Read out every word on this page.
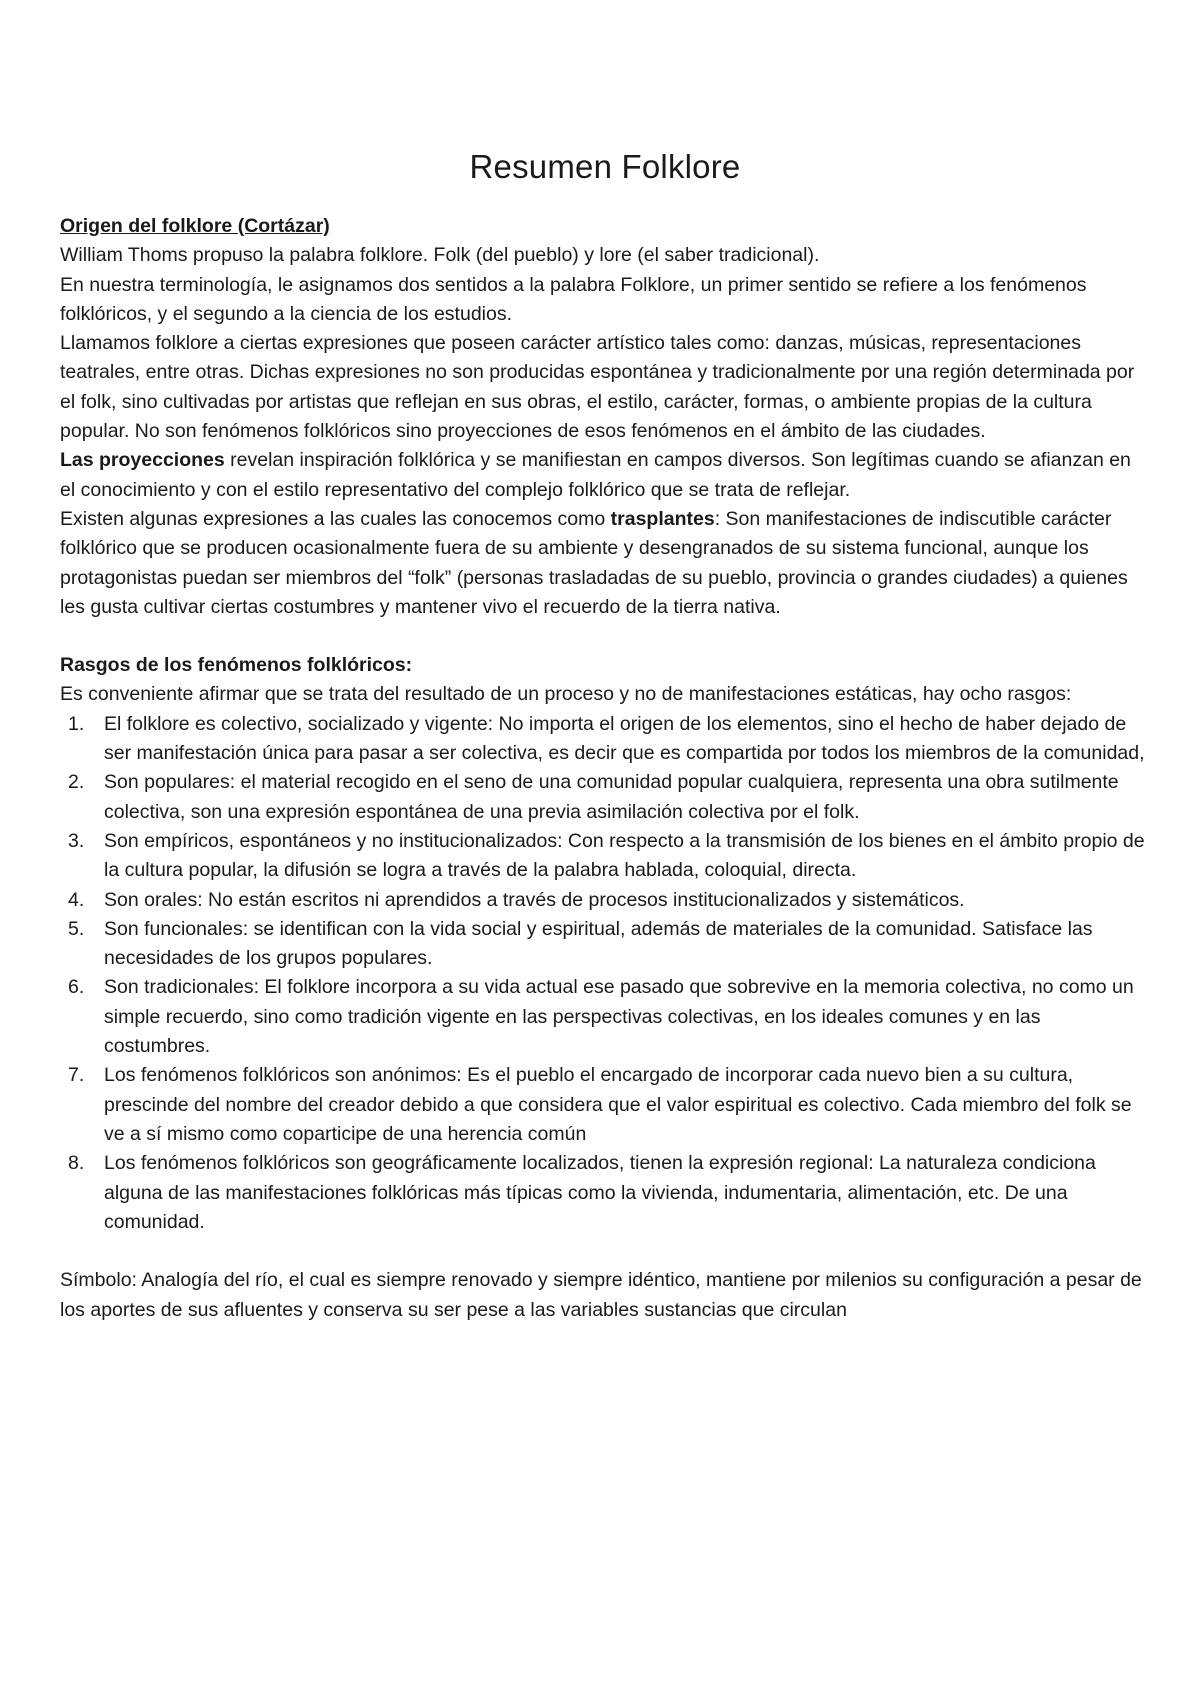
Resumen Folklore
Origen del folklore (Cortázar)

William Thoms propuso la palabra folklore. Folk (del pueblo) y lore (el saber tradicional).

En nuestra terminología, le asignamos dos sentidos a la palabra Folklore, un primer sentido se refiere a los fenómenos folklóricos, y el segundo a la ciencia de los estudios.

Llamamos folklore a ciertas expresiones que poseen carácter artístico tales como: danzas, músicas, representaciones teatrales, entre otras. Dichas expresiones no son producidas espontánea y tradicionalmente por una región determinada por el folk, sino cultivadas por artistas que reflejan en sus obras, el estilo, carácter, formas, o ambiente propias de la cultura popular. No son fenómenos folklóricos sino proyecciones de esos fenómenos en el ámbito de las ciudades.

Las proyecciones revelan inspiración folklórica y se manifiestan en campos diversos. Son legítimas cuando se afianzan en el conocimiento y con el estilo representativo del complejo folklórico que se trata de reflejar.

Existen algunas expresiones a las cuales las conocemos como trasplantes: Son manifestaciones de indiscutible carácter folklórico que se producen ocasionalmente fuera de su ambiente y desengranados de su sistema funcional, aunque los protagonistas puedan ser miembros del “folk” (personas trasladadas de su pueblo, provincia o grandes ciudades) a quienes les gusta cultivar ciertas costumbres y mantener vivo el recuerdo de la tierra nativa.

Rasgos de los fenómenos folklóricos:

Es conveniente afirmar que se trata del resultado de un proceso y no de manifestaciones estáticas, hay ocho rasgos:

1. El folklore es colectivo, socializado y vigente: No importa el origen de los elementos, sino el hecho de haber dejado de ser manifestación única para pasar a ser colectiva, es decir que es compartida por todos los miembros de la comunidad,
2. Son populares: el material recogido en el seno de una comunidad popular cualquiera, representa una obra sutilmente colectiva, son una expresión espontánea de una previa asimilación colectiva por el folk.
3. Son empíricos, espontáneos y no institucionalizados: Con respecto a la transmisión de los bienes en el ámbito propio de la cultura popular, la difusión se logra a través de la palabra hablada, coloquial, directa.
4. Son orales: No están escritos ni aprendidos a través de procesos institucionalizados y sistemáticos.
5. Son funcionales: se identifican con la vida social y espiritual, además de materiales de la comunidad. Satisface las necesidades de los grupos populares.
6. Son tradicionales: El folklore incorpora a su vida actual ese pasado que sobrevive en la memoria colectiva, no como un simple recuerdo, sino como tradición vigente en las perspectivas colectivas, en los ideales comunes y en las costumbres.
7. Los fenómenos folklóricos son anónimos: Es el pueblo el encargado de incorporar cada nuevo bien a su cultura, prescinde del nombre del creador debido a que considera que el valor espiritual es colectivo. Cada miembro del folk se ve a sí mismo como coparticipe de una herencia común
8. Los fenómenos folklóricos son geográficamente localizados, tienen la expresión regional: La naturaleza condiciona alguna de las manifestaciones folklóricas más típicas como la vivienda, indumentaria, alimentación, etc. De una comunidad.

Símbolo: Analogía del río, el cual es siempre renovado y siempre idéntico, mantiene por milenios su configuración a pesar de los aportes de sus afluentes y conserva su ser pese a las variables sustancias que circulan
